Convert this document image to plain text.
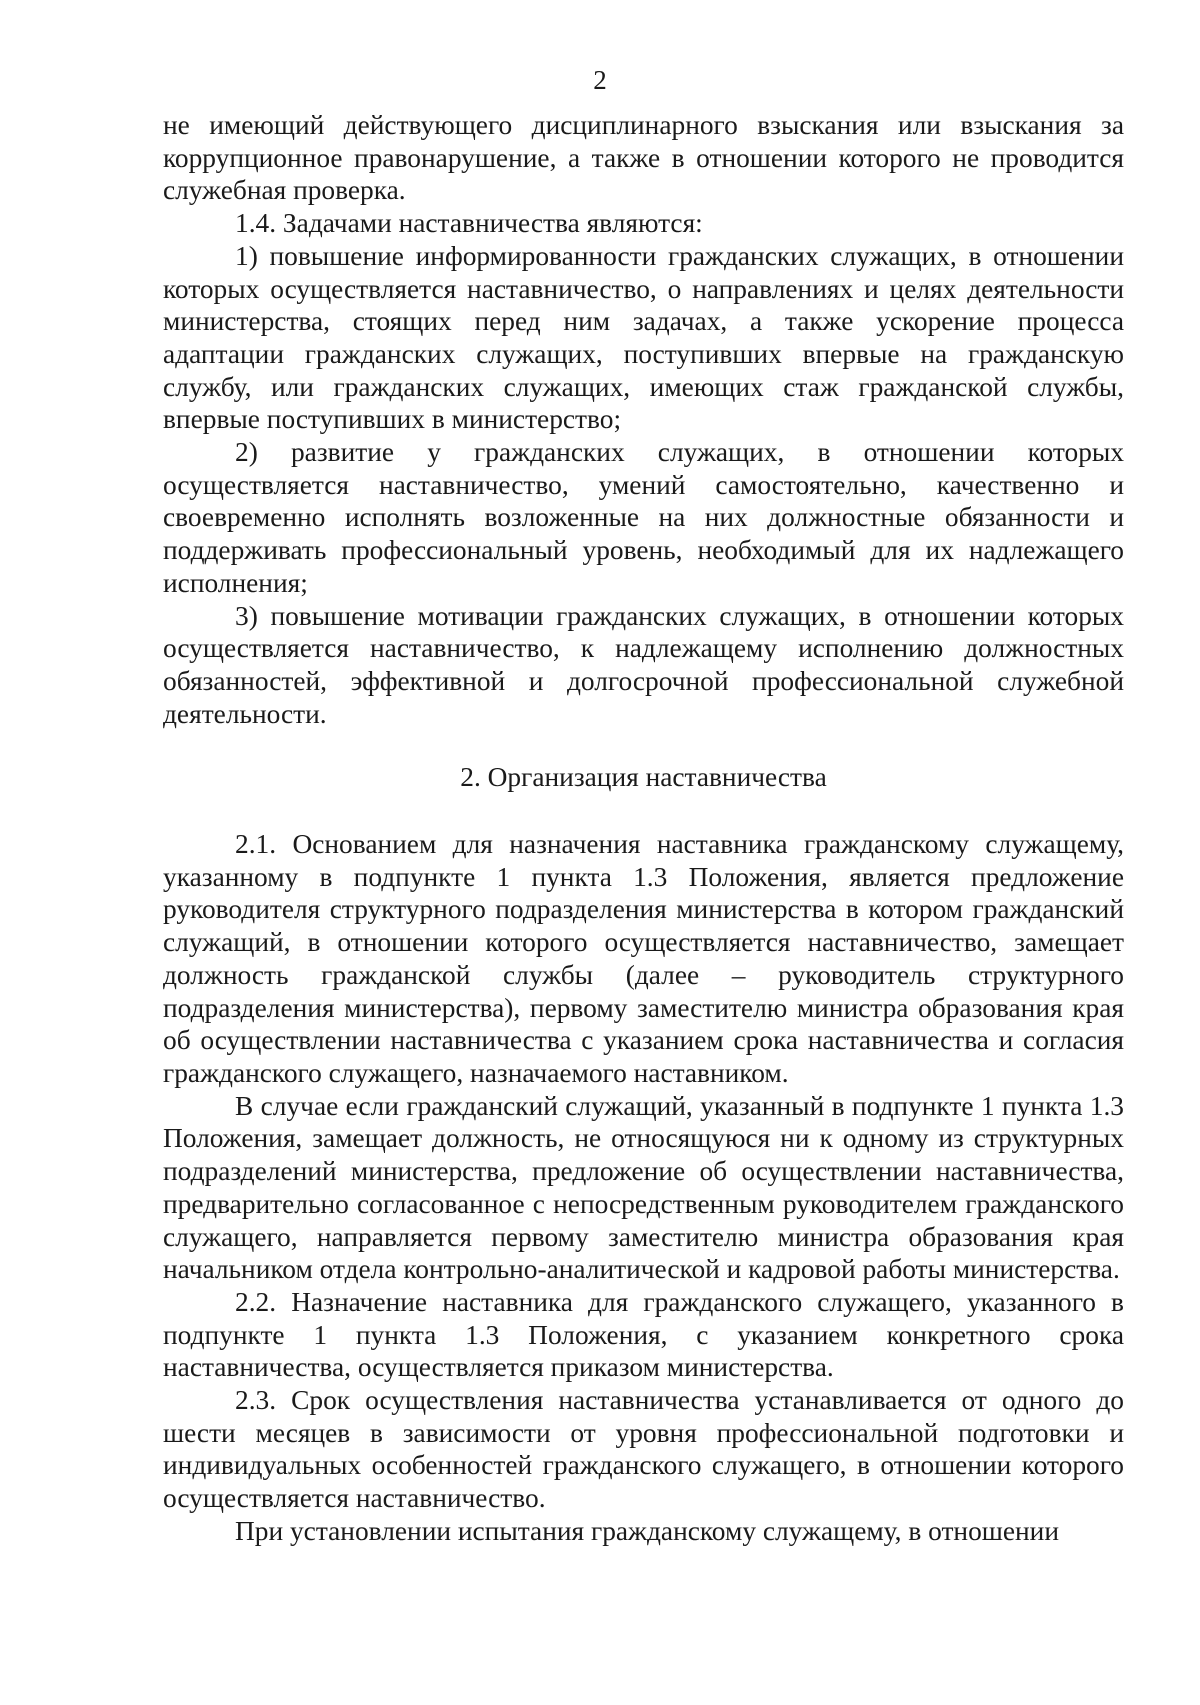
2

не имеющий действующего дисциплинарного взыскания или взыскания за коррупционное правонарушение, а также в отношении которого не проводится служебная проверка.

1.4. Задачами наставничества являются:

1) повышение информированности гражданских служащих, в отношении которых осуществляется наставничество, о направлениях и целях деятельности министерства, стоящих перед ним задачах, а также ускорение процесса адаптации гражданских служащих, поступивших впервые на гражданскую службу, или гражданских служащих, имеющих стаж гражданской службы, впервые поступивших в министерство;

2) развитие у гражданских служащих, в отношении которых осуществляется наставничество, умений самостоятельно, качественно и своевременно исполнять возложенные на них должностные обязанности и поддерживать профессиональный уровень, необходимый для их надлежащего исполнения;

3) повышение мотивации гражданских служащих, в отношении которых осуществляется наставничество, к надлежащему исполнению должностных обязанностей, эффективной и долгосрочной профессиональной служебной деятельности.

2. Организация наставничества

2.1. Основанием для назначения наставника гражданскому служащему, указанному в подпункте 1 пункта 1.3 Положения, является предложение руководителя структурного подразделения министерства в котором гражданский служащий, в отношении которого осуществляется наставничество, замещает должность гражданской службы (далее – руководитель структурного подразделения министерства), первому заместителю министра образования края об осуществлении наставничества с указанием срока наставничества и согласия гражданского служащего, назначаемого наставником.

В случае если гражданский служащий, указанный в подпункте 1 пункта 1.3 Положения, замещает должность, не относящуюся ни к одному из структурных подразделений министерства, предложение об осуществлении наставничества, предварительно согласованное с непосредственным руководителем гражданского служащего, направляется первому заместителю министра образования края начальником отдела контрольно-аналитической и кадровой работы министерства.

2.2. Назначение наставника для гражданского служащего, указанного в подпункте 1 пункта 1.3 Положения, с указанием конкретного срока наставничества, осуществляется приказом министерства.

2.3. Срок осуществления наставничества устанавливается от одного до шести месяцев в зависимости от уровня профессиональной подготовки и индивидуальных особенностей гражданского служащего, в отношении которого осуществляется наставничество.

При установлении испытания гражданскому служащему, в отношении
